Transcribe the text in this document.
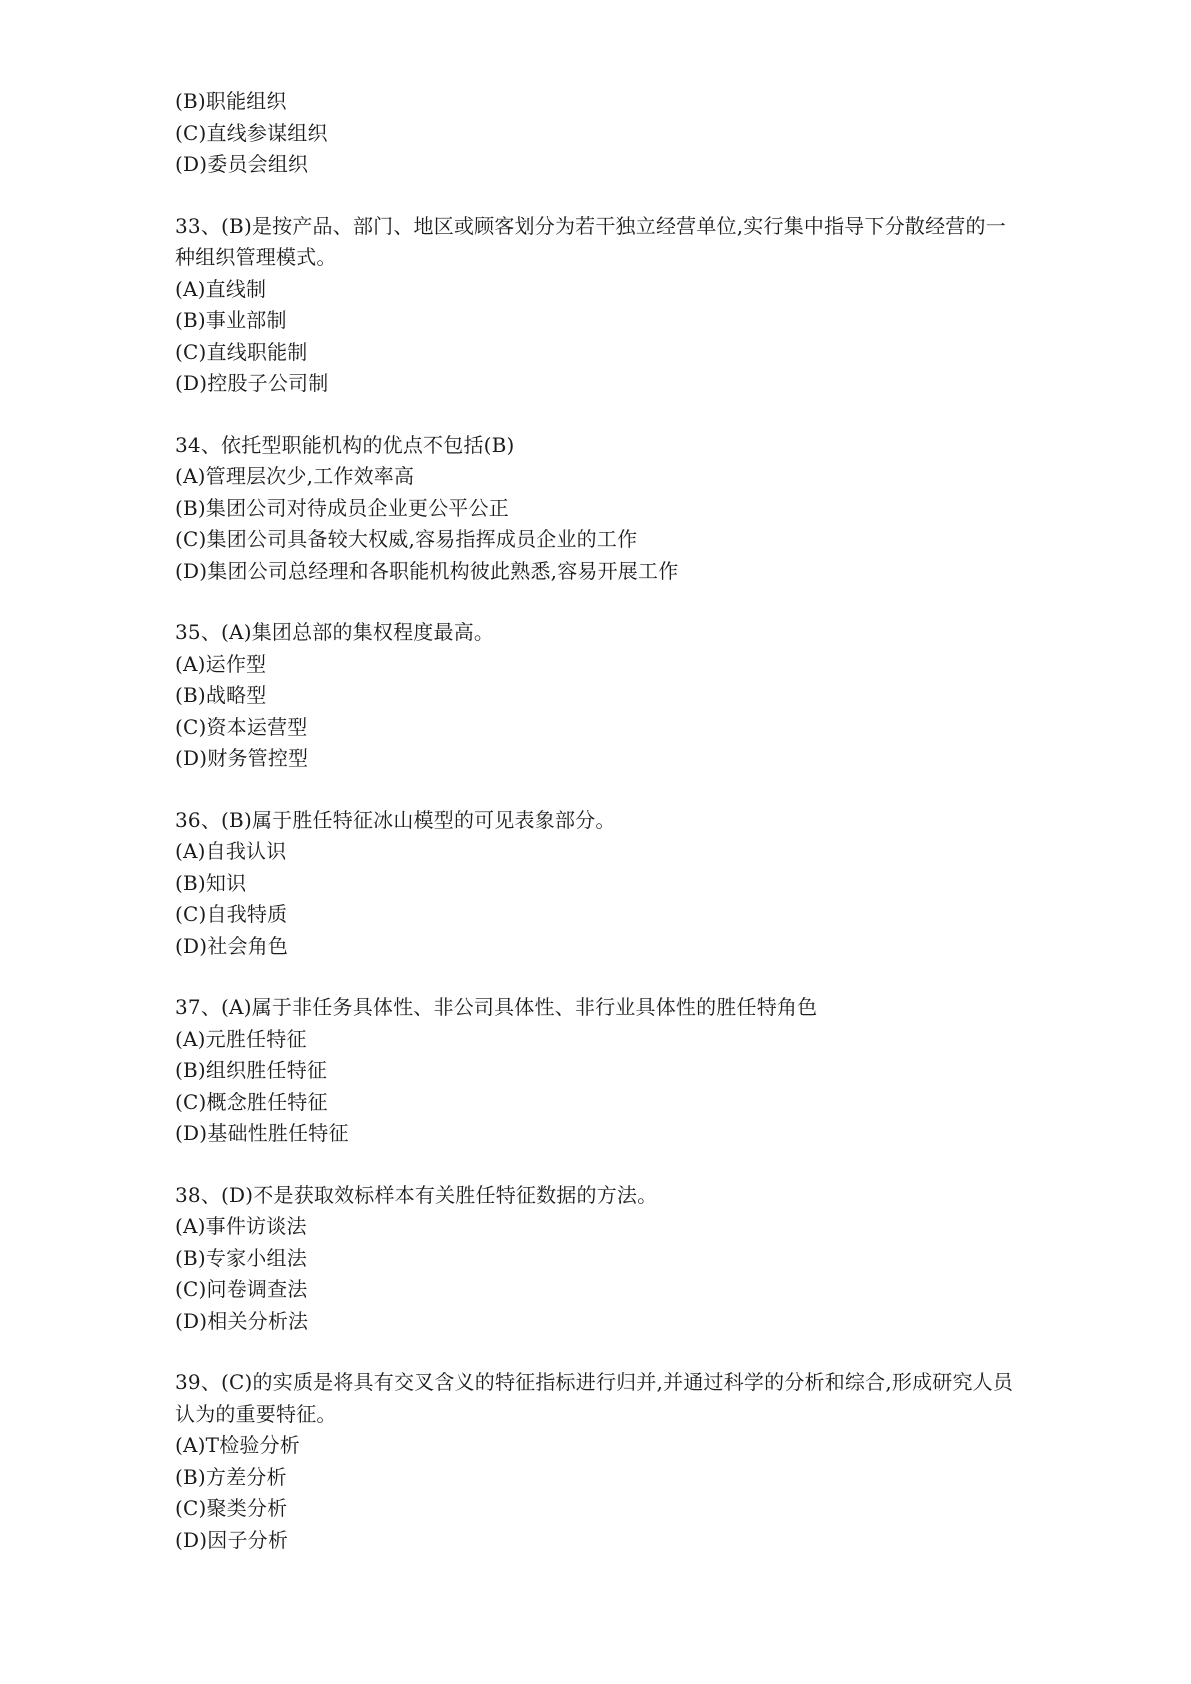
(B)职能组织
(C)直线参谋组织
(D)委员会组织
33、(B)是按产品、部门、地区或顾客划分为若干独立经营单位,实行集中指导下分散经营的一
种组织管理模式。
(A)直线制
(B)事业部制
(C)直线职能制
(D)控股子公司制
34、依托型职能机构的优点不包括(B)
(A)管理层次少,工作效率高
(B)集团公司对待成员企业更公平公正
(C)集团公司具备较大权威,容易指挥成员企业的工作
(D)集团公司总经理和各职能机构彼此熟悉,容易开展工作
35、(A)集团总部的集权程度最高。
(A)运作型
(B)战略型
(C)资本运营型
(D)财务管控型
36、(B)属于胜任特征冰山模型的可见表象部分。
(A)自我认识
(B)知识
(C)自我特质
(D)社会角色
37、(A)属于非任务具体性、非公司具体性、非行业具体性的胜任特角色
(A)元胜任特征
(B)组织胜任特征
(C)概念胜任特征
(D)基础性胜任特征
38、(D)不是获取效标样本有关胜任特征数据的方法。
(A)事件访谈法
(B)专家小组法
(C)问卷调查法
(D)相关分析法
39、(C)的实质是将具有交叉含义的特征指标进行归并,并通过科学的分析和综合,形成研究人员
认为的重要特征。
(A)T检验分析
(B)方差分析
(C)聚类分析
(D)因子分析
